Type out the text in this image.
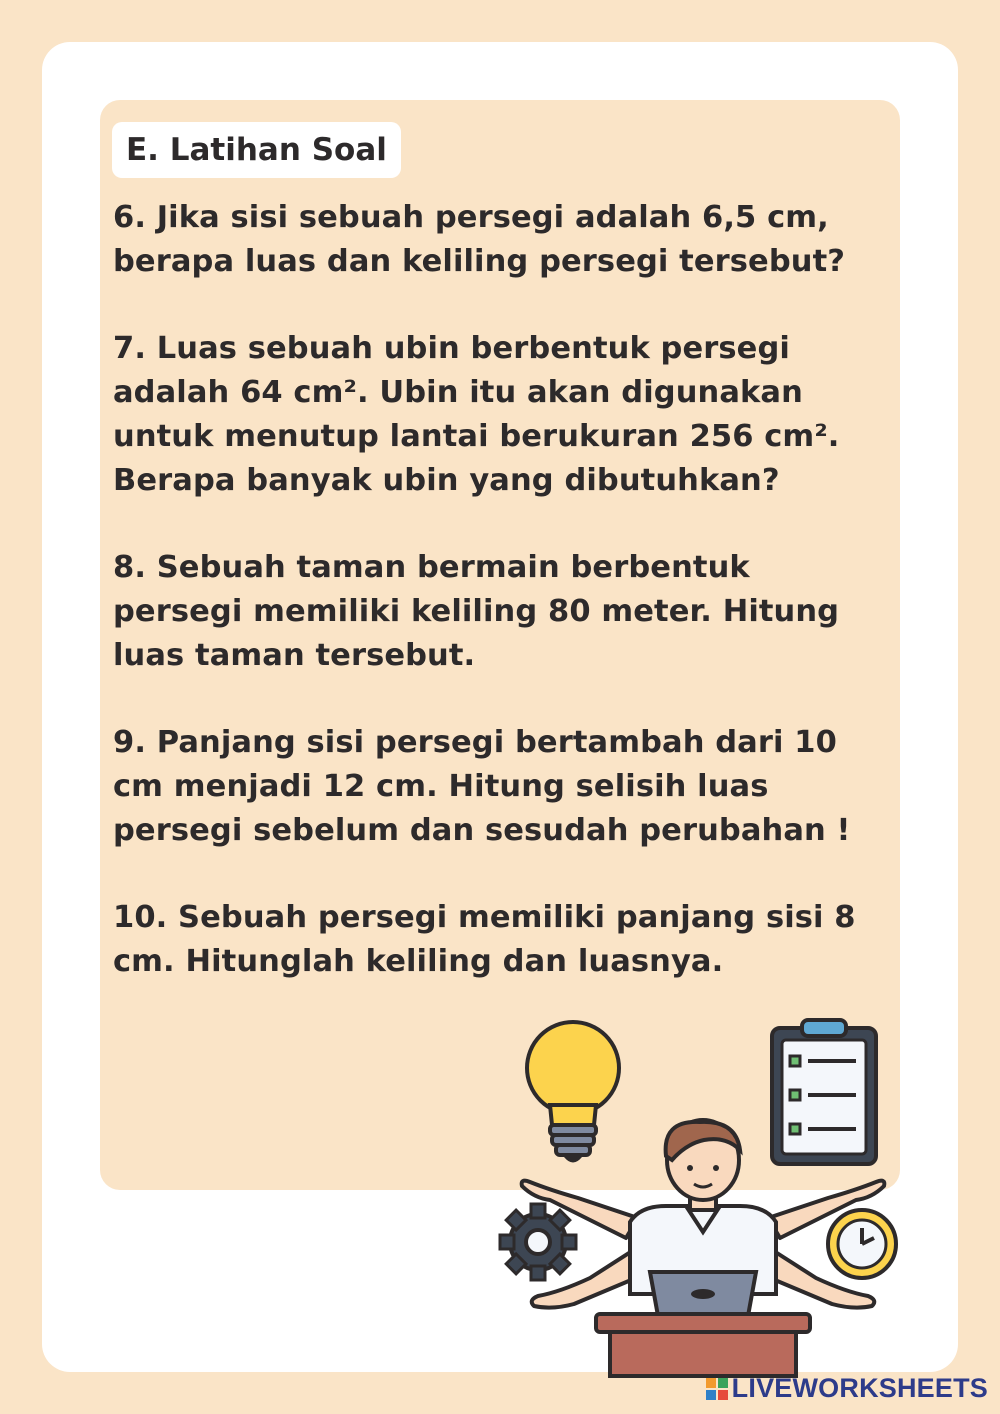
E. Latihan Soal

6. Jika sisi sebuah persegi adalah 6,5 cm,
berapa luas dan keliling persegi tersebut?

7. Luas sebuah ubin berbentuk persegi
adalah 64 cm². Ubin itu akan digunakan
untuk menutup lantai berukuran 256 cm².
Berapa banyak ubin yang dibutuhkan?

8. Sebuah taman bermain berbentuk
persegi memiliki keliling 80 meter. Hitung
luas taman tersebut.

9. Panjang sisi persegi bertambah dari 10
cm menjadi 12 cm. Hitung selisih luas
persegi sebelum dan sesudah perubahan !

10. Sebuah persegi memiliki panjang sisi 8
cm. Hitunglah keliling dan luasnya.

LIVEWORKSHEETS
